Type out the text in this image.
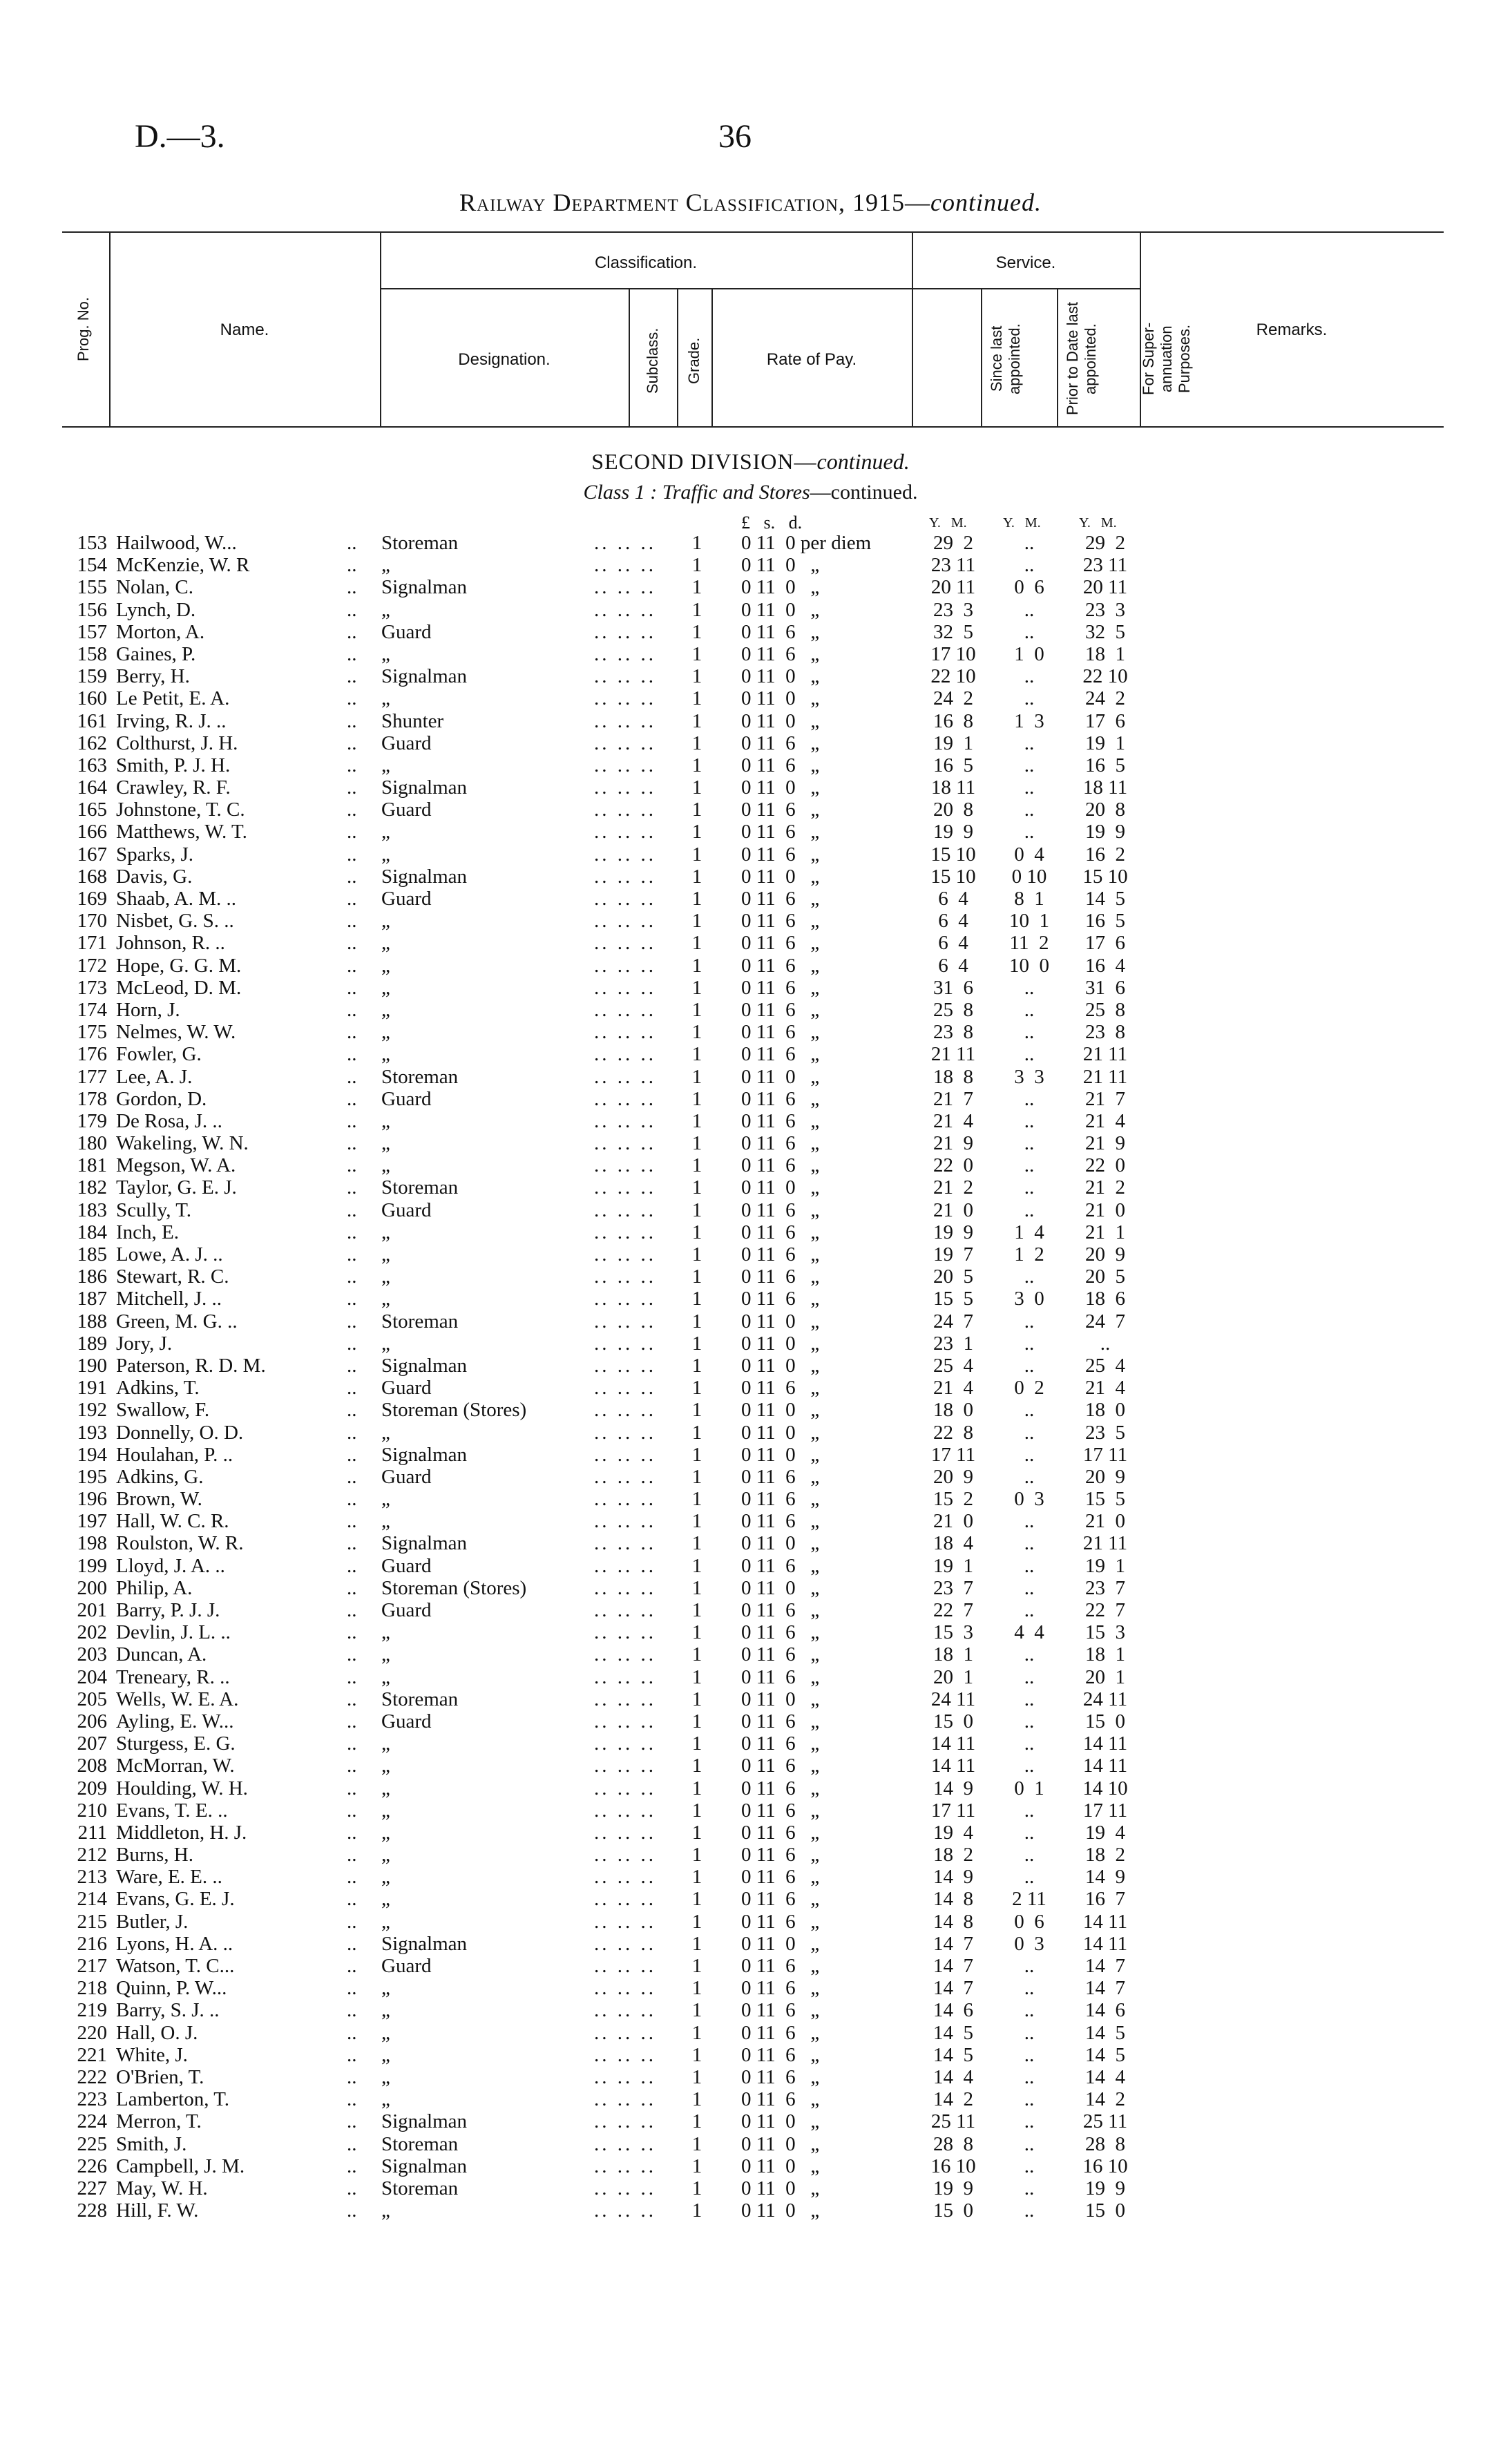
D.—3.	36
Railway Department Classification, 1915—continued.
Prog. No.	Name.
Classification.
Designation.	Subclass. Grade.	Rate of Pay.
Service.
Since last appointed.	Prior to Date last appointed.	For Super-annuation Purposes.	Remarks.
SECOND DIVISION—continued.
Class 1 : Traffic and Stores—continued.
£   s.   d.	Y.   M.	Y.   M.	Y.   M.
153 Hailwood, W...	.. Storeman	.. .. .. 1 0 11  0 per diem	29  2	..	29  2
154 McKenzie, W. R	.. „	.. .. .. 1 0 11  0   „	23 11	..	23 11
155 Nolan, C.	.. Signalman	.. .. .. 1 0 11  0   „	20 11	0  6	20 11
156 Lynch, D.	.. „	.. .. .. 1 0 11  0   „	23  3	..	23  3
157 Morton, A.	.. Guard	.. .. .. 1 0 11  6   „	32  5	..	32  5
158 Gaines, P.	.. „	.. .. .. 1 0 11  6   „	17 10	1  0	18  1
159 Berry, H.	.. Signalman	.. .. .. 1 0 11  0   „	22 10	..	22 10
160 Le Petit, E. A.	.. „	.. .. .. 1 0 11  0   „	24  2	..	24  2
161 Irving, R. J. ..	.. Shunter	.. .. .. 1 0 11  0   „	16  8	1  3	17  6
162 Colthurst, J. H.	.. Guard	.. .. .. 1 0 11  6   „	19  1	..	19  1
163 Smith, P. J. H.	.. „	.. .. .. 1 0 11  6   „	16  5	..	16  5
164 Crawley, R. F.	.. Signalman	.. .. .. 1 0 11  0   „	18 11	..	18 11
165 Johnstone, T. C.	.. Guard	.. .. .. 1 0 11  6   „	20  8	..	20  8
166 Matthews, W. T.	.. „	.. .. .. 1 0 11  6   „	19  9	..	19  9
167 Sparks, J.	.. „	.. .. .. 1 0 11  6   „	15 10	0  4	16  2
168 Davis, G.	.. Signalman	.. .. .. 1 0 11  0   „	15 10	0 10	15 10
169 Shaab, A. M. ..	.. Guard	.. .. .. 1 0 11  6   „	6  4	8  1	14  5
170 Nisbet, G. S. ..	.. „	.. .. .. 1 0 11  6   „	6  4	10  1	16  5
171 Johnson, R. ..	.. „	.. .. .. 1 0 11  6   „	6  4	11  2	17  6
172 Hope, G. G. M.	.. „	.. .. .. 1 0 11  6   „	6  4	10  0	16  4
173 McLeod, D. M.	.. „	.. .. .. 1 0 11  6   „	31  6	..	31  6
174 Horn, J.	.. „	.. .. .. 1 0 11  6   „	25  8	..	25  8
175 Nelmes, W. W.	.. „	.. .. .. 1 0 11  6   „	23  8	..	23  8
176 Fowler, G.	.. „	.. .. .. 1 0 11  6   „	21 11	..	21 11
177 Lee, A. J.	.. Storeman	.. .. .. 1 0 11  0   „	18  8	3  3	21 11
178 Gordon, D.	.. Guard	.. .. .. 1 0 11  6   „	21  7	..	21  7
179 De Rosa, J. ..	.. „	.. .. .. 1 0 11  6   „	21  4	..	21  4
180 Wakeling, W. N.	.. „	.. .. .. 1 0 11  6   „	21  9	..	21  9
181 Megson, W. A.	.. „	.. .. .. 1 0 11  6   „	22  0	..	22  0
182 Taylor, G. E. J.	.. Storeman	.. .. .. 1 0 11  0   „	21  2	..	21  2
183 Scully, T.	.. Guard	.. .. .. 1 0 11  6   „	21  0	..	21  0
184 Inch, E.	.. „	.. .. .. 1 0 11  6   „	19  9	1  4	21  1
185 Lowe, A. J. ..	.. „	.. .. .. 1 0 11  6   „	19  7	1  2	20  9
186 Stewart, R. C.	.. „	.. .. .. 1 0 11  6   „	20  5	..	20  5
187 Mitchell, J. ..	.. „	.. .. .. 1 0 11  6   „	15  5	3  0	18  6
188 Green, M. G. ..	.. Storeman	.. .. .. 1 0 11  0   „	24  7	..	24  7
189 Jory, J.	.. „	.. .. .. 1 0 11  0   „	23  1	..	..
190 Paterson, R. D. M.	.. Signalman	.. .. .. 1 0 11  0   „	25  4	..	25  4
191 Adkins, T.	.. Guard	.. .. .. 1 0 11  6   „	21  4	0  2	21  4
192 Swallow, F.	.. Storeman (Stores)	.. .. .. 1 0 11  0   „	18  0	..	18  0
193 Donnelly, O. D.	.. „	.. .. .. 1 0 11  0   „	22  8	..	23  5
194 Houlahan, P. ..	.. Signalman	.. .. .. 1 0 11  0   „	17 11	..	17 11
195 Adkins, G.	.. Guard	.. .. .. 1 0 11  6   „	20  9	..	20  9
196 Brown, W.	.. „	.. .. .. 1 0 11  6   „	15  2	0  3	15  5
197 Hall, W. C. R.	.. „	.. .. .. 1 0 11  6   „	21  0	..	21  0
198 Roulston, W. R.	.. Signalman	.. .. .. 1 0 11  0   „	18  4	..	21 11
199 Lloyd, J. A. ..	.. Guard	.. .. .. 1 0 11  6   „	19  1	..	19  1
200 Philip, A.	.. Storeman (Stores)	.. .. .. 1 0 11  0   „	23  7	..	23  7
201 Barry, P. J. J.	.. Guard	.. .. .. 1 0 11  6   „	22  7	..	22  7
202 Devlin, J. L. ..	.. „	.. .. .. 1 0 11  6   „	15  3	4  4	15  3
203 Duncan, A.	.. „	.. .. .. 1 0 11  6   „	18  1	..	18  1
204 Treneary, R. ..	.. „	.. .. .. 1 0 11  6   „	20  1	..	20  1
205 Wells, W. E. A.	.. Storeman	.. .. .. 1 0 11  0   „	24 11	..	24 11
206 Ayling, E. W...	.. Guard	.. .. .. 1 0 11  6   „	15  0	..	15  0
207 Sturgess, E. G.	.. „	.. .. .. 1 0 11  6   „	14 11	..	14 11
208 McMorran, W.	.. „	.. .. .. 1 0 11  6   „	14 11	..	14 11
209 Houlding, W. H.	.. „	.. .. .. 1 0 11  6   „	14  9	0  1	14 10
210 Evans, T. E. ..	.. „	.. .. .. 1 0 11  6   „	17 11	..	17 11
211 Middleton, H. J.	.. „	.. .. .. 1 0 11  6   „	19  4	..	19  4
212 Burns, H.	.. „	.. .. .. 1 0 11  6   „	18  2	..	18  2
213 Ware, E. E. ..	.. „	.. .. .. 1 0 11  6   „	14  9	..	14  9
214 Evans, G. E. J.	.. „	.. .. .. 1 0 11  6   „	14  8	2 11	16  7
215 Butler, J.	.. „	.. .. .. 1 0 11  6   „	14  8	0  6	14 11
216 Lyons, H. A. ..	.. Signalman	.. .. .. 1 0 11  0   „	14  7	0  3	14 11
217 Watson, T. C...	.. Guard	.. .. .. 1 0 11  6   „	14  7	..	14  7
218 Quinn, P. W...	.. „	.. .. .. 1 0 11  6   „	14  7	..	14  7
219 Barry, S. J. ..	.. „	.. .. .. 1 0 11  6   „	14  6	..	14  6
220 Hall, O. J.	.. „	.. .. .. 1 0 11  6   „	14  5	..	14  5
221 White, J.	.. „	.. .. .. 1 0 11  6   „	14  5	..	14  5
222 O'Brien, T.	.. „	.. .. .. 1 0 11  6   „	14  4	..	14  4
223 Lamberton, T.	.. „	.. .. .. 1 0 11  6   „	14  2	..	14  2
224 Merron, T.	.. Signalman	.. .. .. 1 0 11  0   „	25 11	..	25 11
225 Smith, J.	.. Storeman	.. .. .. 1 0 11  0   „	28  8	..	28  8
226 Campbell, J. M.	.. Signalman	.. .. .. 1 0 11  0   „	16 10	..	16 10
227 May, W. H.	.. Storeman	.. .. .. 1 0 11  0   „	19  9	..	19  9
228 Hill, F. W.	.. „	.. .. .. 1 0 11  0   „	15  0	..	15  0
